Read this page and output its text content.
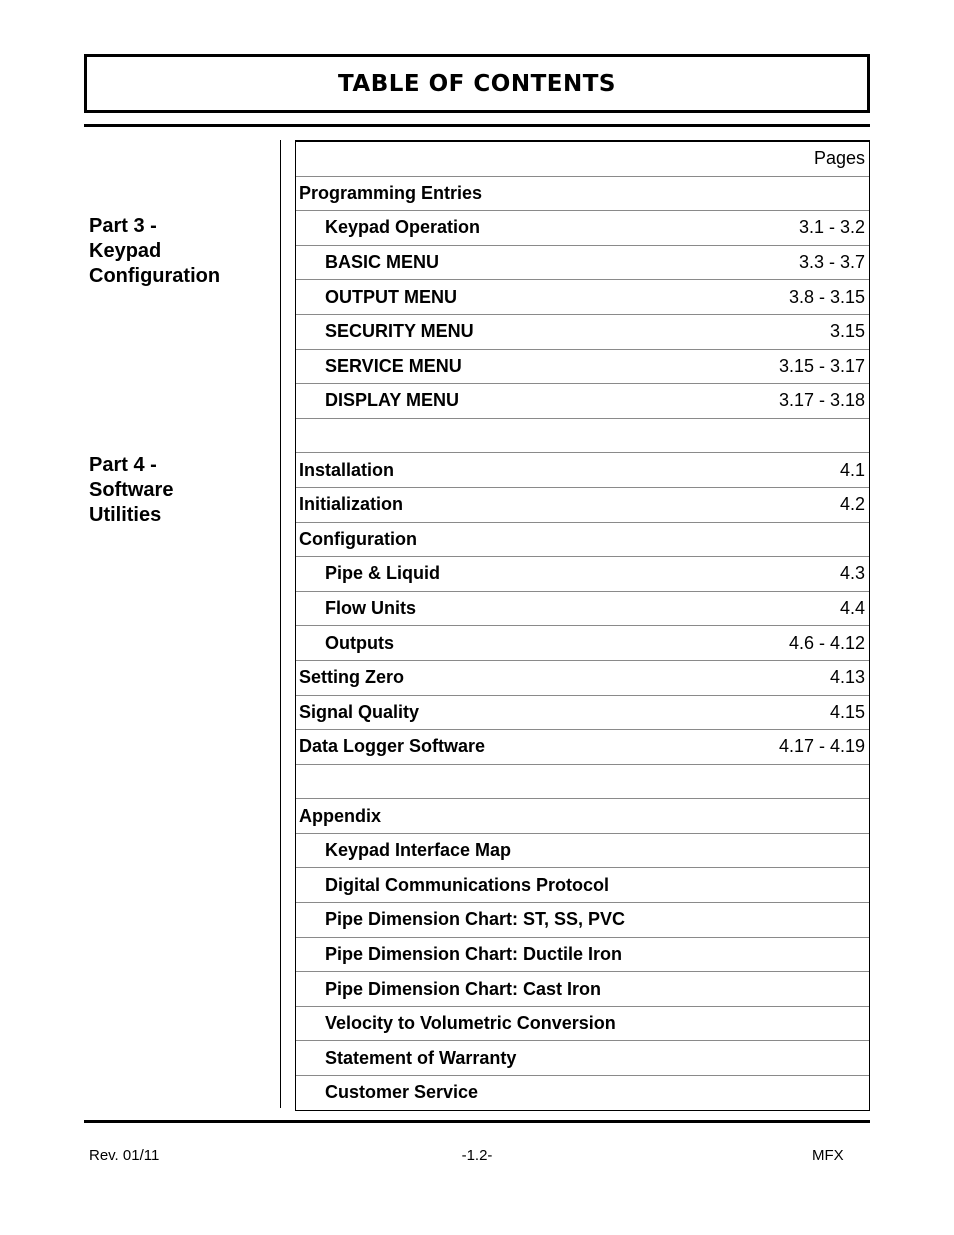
TABLE OF CONTENTS
Part 3 -
Keypad
Configuration
Part 4 -
Software
Utilities
Pages
Programming Entries
Keypad Operation	3.1 - 3.2
BASIC MENU	3.3 - 3.7
OUTPUT MENU	3.8 - 3.15
SECURITY MENU	3.15
SERVICE MENU	3.15 - 3.17
DISPLAY MENU	3.17 - 3.18
Installation	4.1
Initialization	4.2
Configuration
Pipe & Liquid	4.3
Flow Units	4.4
Outputs	4.6 - 4.12
Setting Zero	4.13
Signal Quality	4.15
Data Logger Software	4.17 - 4.19
Appendix
Keypad Interface Map
Digital Communications Protocol
Pipe Dimension Chart: ST, SS, PVC
Pipe Dimension Chart: Ductile Iron
Pipe Dimension Chart: Cast Iron
Velocity to Volumetric Conversion
Statement of Warranty
Customer Service
Rev. 01/11	-1.2-	MFX
